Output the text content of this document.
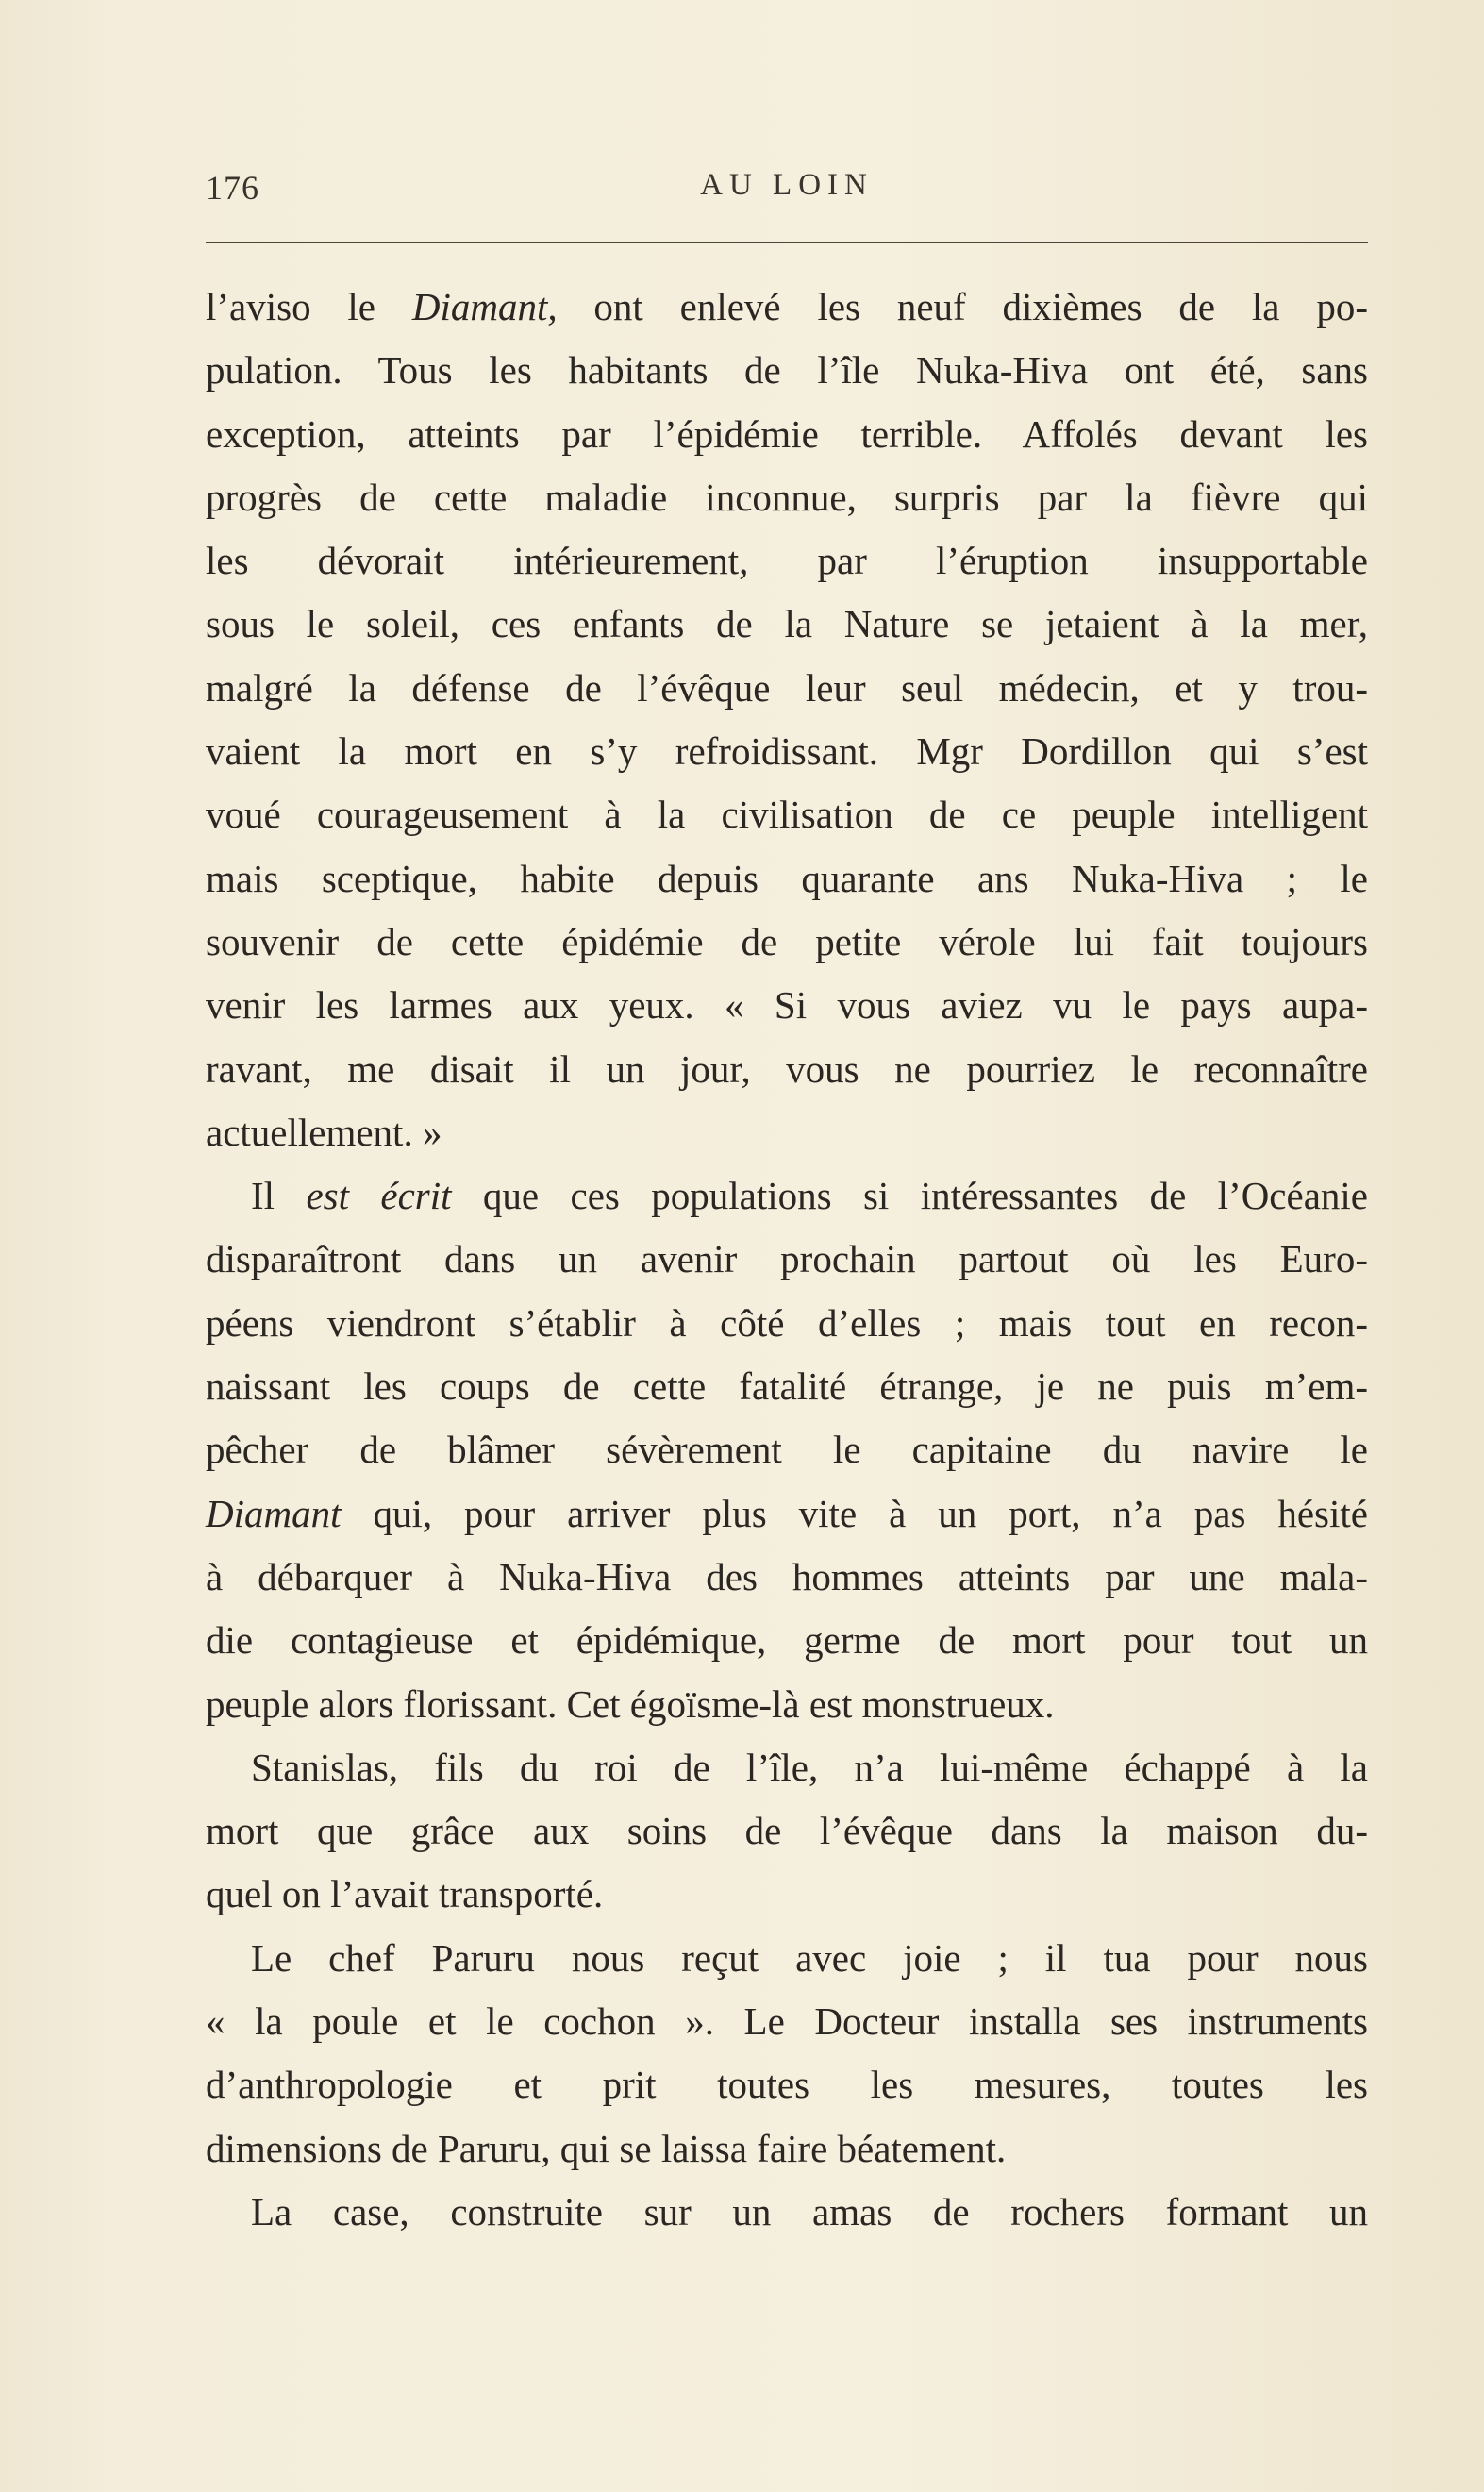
176	AU LOIN
l’aviso le Diamant, ont enlevé les neuf dixièmes de la po-
pulation. Tous les habitants de l’île Nuka-Hiva ont été, sans
exception, atteints par l’épidémie terrible. Affolés devant les
progrès de cette maladie inconnue, surpris par la fièvre qui
les dévorait intérieurement, par l’éruption insupportable
sous le soleil, ces enfants de la Nature se jetaient à la mer,
malgré la défense de l’évêque leur seul médecin, et y trou-
vaient la mort en s’y refroidissant. Mgr Dordillon qui s’est
voué courageusement à la civilisation de ce peuple intelligent
mais sceptique, habite depuis quarante ans Nuka-Hiva ; le
souvenir de cette épidémie de petite vérole lui fait toujours
venir les larmes aux yeux. « Si vous aviez vu le pays aupa-
ravant, me disait il un jour, vous ne pourriez le reconnaître
actuellement. »
Il est écrit que ces populations si intéressantes de l’Océanie
disparaîtront dans un avenir prochain partout où les Euro-
péens viendront s’établir à côté d’elles ; mais tout en recon-
naissant les coups de cette fatalité étrange, je ne puis m’em-
pêcher de blâmer sévèrement le capitaine du navire le
Diamant qui, pour arriver plus vite à un port, n’a pas hésité
à débarquer à Nuka-Hiva des hommes atteints par une mala-
die contagieuse et épidémique, germe de mort pour tout un
peuple alors florissant. Cet égoïsme-là est monstrueux.
Stanislas, fils du roi de l’île, n’a lui-même échappé à la
mort que grâce aux soins de l’évêque dans la maison du-
quel on l’avait transporté.
Le chef Paruru nous reçut avec joie ; il tua pour nous
« la poule et le cochon ». Le Docteur installa ses instruments
d’anthropologie et prit toutes les mesures, toutes les
dimensions de Paruru, qui se laissa faire béatement.
La case, construite sur un amas de rochers formant un
